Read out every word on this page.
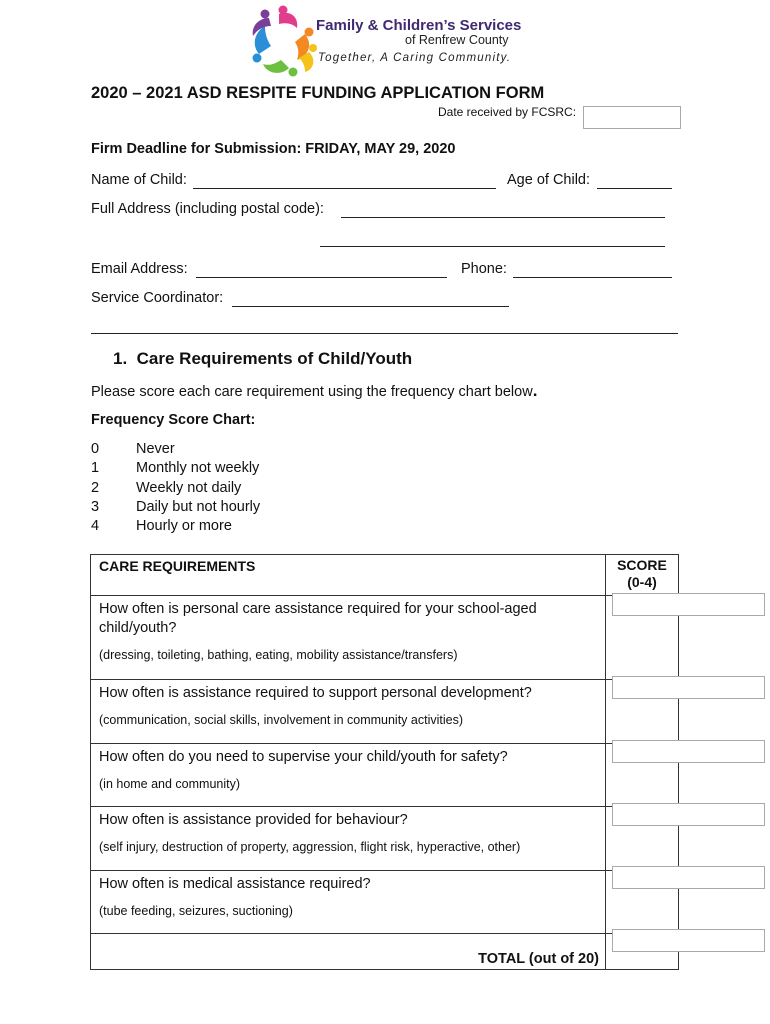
Family & Children’s Services
of Renfrew County
Together, A Caring Community.
2020 – 2021 ASD RESPITE FUNDING APPLICATION FORM
Date received by FCSRC:
Firm Deadline for Submission: FRIDAY, MAY 29, 2020
Name of Child:	Age of Child:
Full Address (including postal code):
Email Address:	Phone:
Service Coordinator:
1. Care Requirements of Child/Youth
Please score each care requirement using the frequency chart below.
Frequency Score Chart:
0	Never
1	Monthly not weekly
2	Weekly not daily
3	Daily but not hourly
4	Hourly or more
CARE REQUIREMENTS	SCORE
(0-4)

How often is personal care assistance required for your school-aged child/youth?
(dressing, toileting, bathing, eating, mobility assistance/transfers)	

How often is assistance required to support personal development?
(communication, social skills, involvement in community activities)	

How often do you need to supervise your child/youth for safety?
(in home and community)	

How often is assistance provided for behaviour?
(self injury, destruction of property, aggression, flight risk, hyperactive, other)	

How often is medical assistance required?
(tube feeding, seizures, suctioning)	

TOTAL (out of 20)	
